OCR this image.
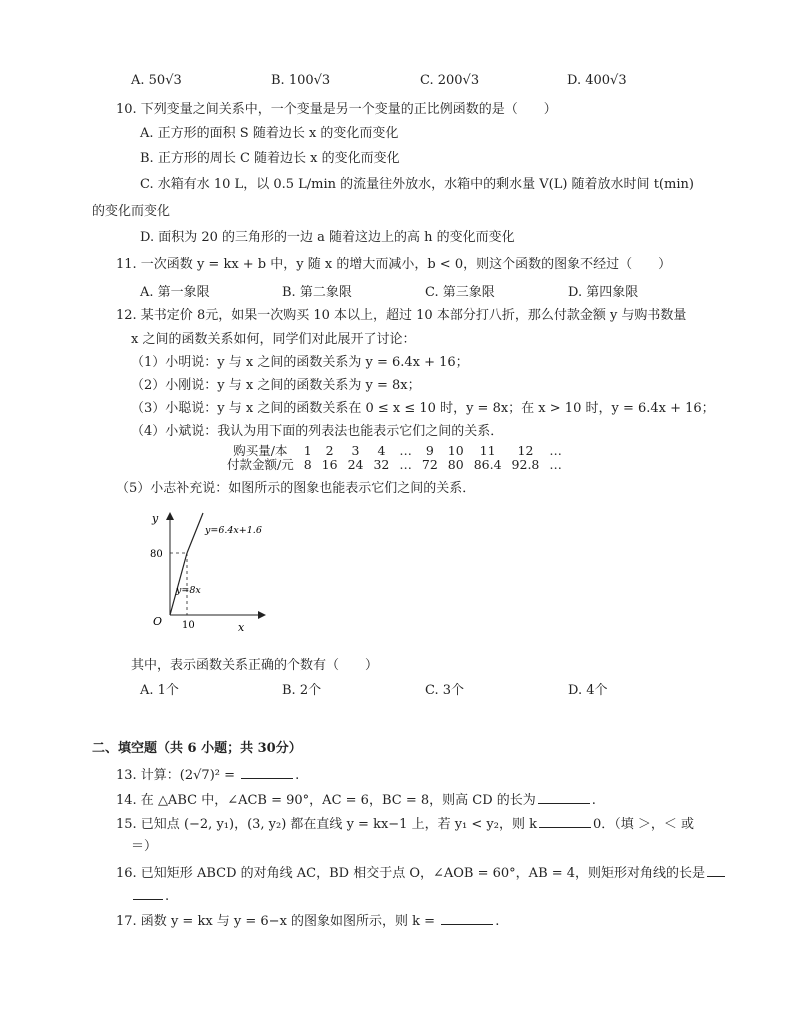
A. 50√3	B. 100√3	C. 200√3	D. 400√3
10. 下列变量之间关系中，一个变量是另一个变量的正比例函数的是（　　）
A. 正方形的面积 S 随着边长 x 的变化而变化
B. 正方形的周长 C 随着边长 x 的变化而变化
C. 水箱有水 10 L，以 0.5 L/min 的流量往外放水，水箱中的剩水量 V(L) 随着放水时间 t(min)
的变化而变化
D. 面积为 20 的三角形的一边 a 随着这边上的高 h 的变化而变化
11. 一次函数 y = kx + b 中，y 随 x 的增大而减小，b < 0，则这个函数的图象不经过（　　）
A. 第一象限	B. 第二象限	C. 第三象限	D. 第四象限
12. 某书定价 8元，如果一次购买 10 本以上，超过 10 本部分打八折，那么付款金额 y 与购书数量
x 之间的函数关系如何，同学们对此展开了讨论：
（1）小明说：y 与 x 之间的函数关系为 y = 6.4x + 16；
（2）小刚说：y 与 x 之间的函数关系为 y = 8x；
（3）小聪说：y 与 x 之间的函数关系在 0 ≤ x ≤ 10 时，y = 8x；在 x > 10 时，y = 6.4x + 16；
（4）小斌说：我认为用下面的列表法也能表示它们之间的关系．
购买量/本	1	2	3	4	…	9	10	11	12	…
付款金额/元	8	16	24	32	…	72	80	86.4	92.8	…
（5）小志补充说：如图所示的图象也能表示它们之间的关系．
y
x
O
80
10
y=6.4x+1.6
y=8x
其中，表示函数关系正确的个数有（　　）
A. 1个	B. 2个	C. 3个	D. 4个
二、填空题（共 6 小题；共 30分）
13. 计算：(2√7)² =	.
14. 在 △ABC 中，∠ACB = 90°，AC = 6，BC = 8，则高 CD 的长为	.
15. 已知点 (−2, y₁)，(3, y₂) 都在直线 y = kx−1 上，若 y₁ < y₂，则 k	0．（填 ＞，＜ 或
＝）
16. 已知矩形 ABCD 的对角线 AC，BD 相交于点 O，∠AOB = 60°，AB = 4，则矩形对角线的长是
.
17. 函数 y = kx 与 y = 6−x 的图象如图所示，则 k =	.
